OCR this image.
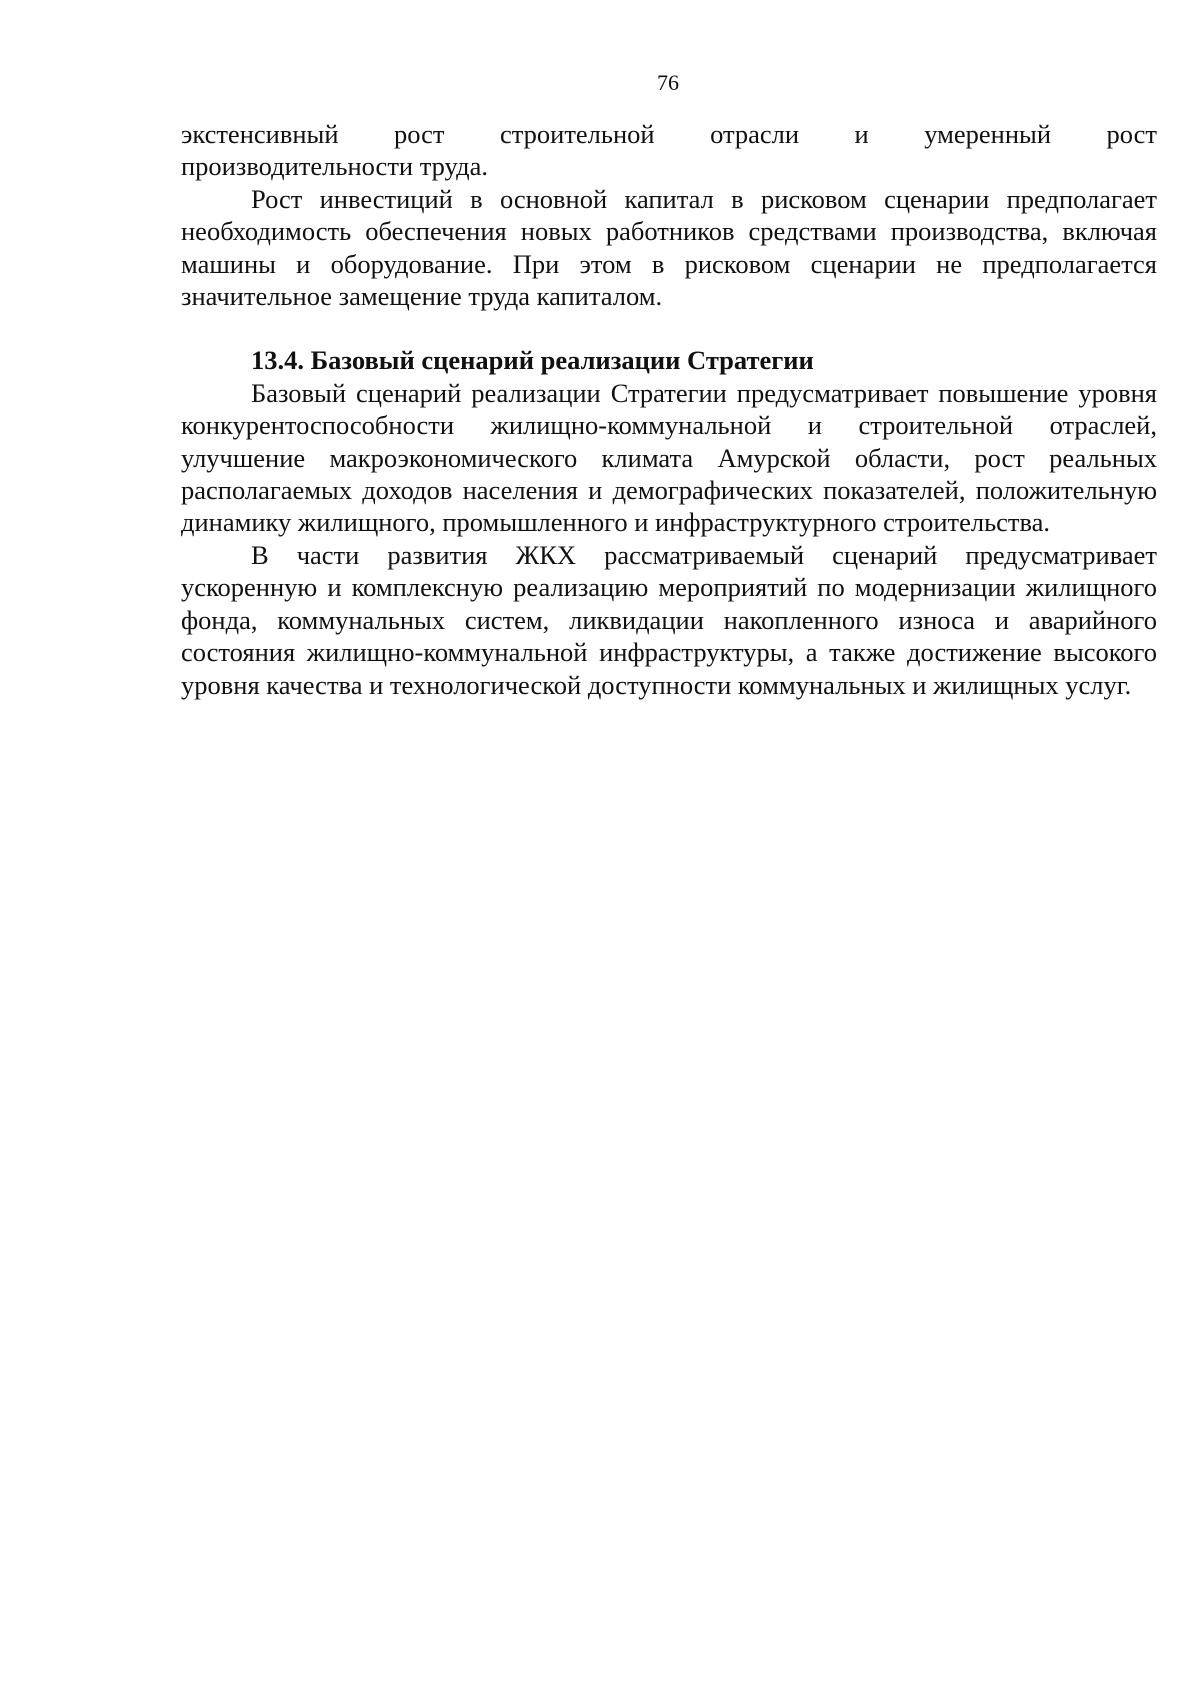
76

экстенсивный рост строительной отрасли и умеренный рост

производительности труда.

Рост инвестиций в основной капитал в рисковом сценарии предполагает необходимость обеспечения новых работников средствами производства, включая машины и оборудование. При этом в рисковом сценарии не предполагается значительное замещение труда капиталом.

13.4. Базовый сценарий реализации Стратегии

Базовый сценарий реализации Стратегии предусматривает повышение уровня конкурентоспособности жилищно-коммунальной и строительной отраслей, улучшение макроэкономического климата Амурской области, рост реальных располагаемых доходов населения и демографических показателей, положительную динамику жилищного, промышленного и инфраструктурного строительства.

В части развития ЖКХ рассматриваемый сценарий предусматривает ускоренную и комплексную реализацию мероприятий по модернизации жилищного фонда, коммунальных систем, ликвидации накопленного износа и аварийного состояния жилищно-коммунальной инфраструктуры, а также достижение высокого уровня качества и технологической доступности коммунальных и жилищных услуг.
